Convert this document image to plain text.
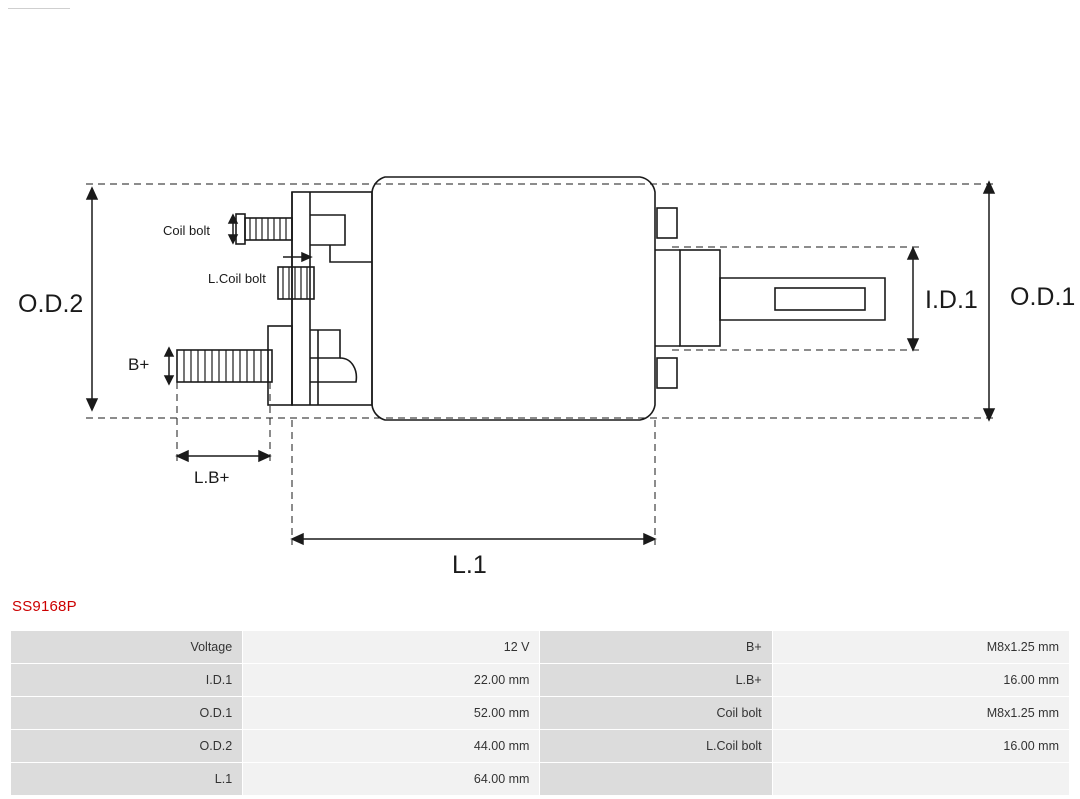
O.D.2	O.D.1
I.D.1
L.1
L.B+
B+
Coil bolt
L.Coil bolt
SS9168P
Voltage	12 V	B+	M8x1.25 mm
I.D.1	22.00 mm	L.B+	16.00 mm
O.D.1	52.00 mm	Coil bolt	M8x1.25 mm
O.D.2	44.00 mm	L.Coil bolt	16.00 mm
L.1	64.00 mm		
